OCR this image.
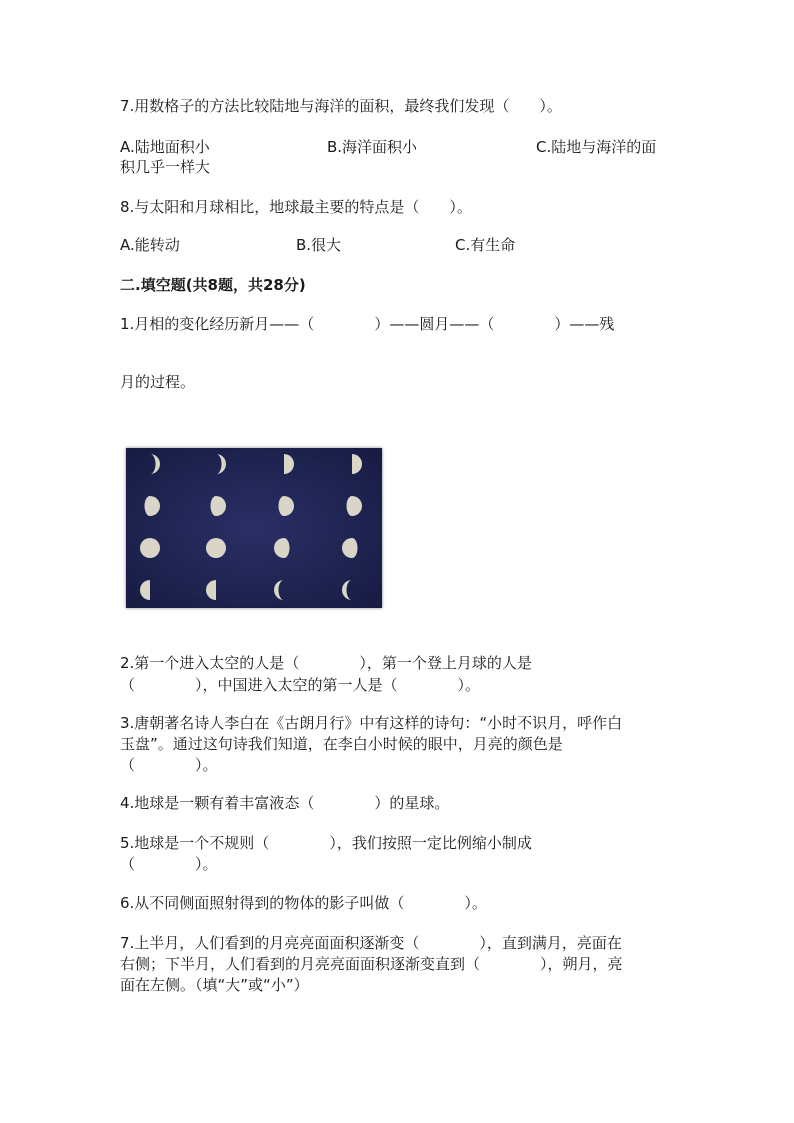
7.用数格子的方法比较陆地与海洋的面积，最终我们发现（　　）。
A.陆地面积小	B.海洋面积小	C.陆地与海洋的面
积几乎一样大
8.与太阳和月球相比，地球最主要的特点是（　　）。
A.能转动	B.很大	C.有生命
二.填空题(共8题，共28分)
1.月相的变化经历新月——（　　　　）——圆月——（　　　　）——残
月的过程。
2.第一个进入太空的人是（　　　　），第一个登上月球的人是
（　　　　），中国进入太空的第一人是（　　　　）。
3.唐朝著名诗人李白在《古朗月行》中有这样的诗句：“小时不识月，呼作白
玉盘”。通过这句诗我们知道，在李白小时候的眼中，月亮的颜色是
（　　　　）。
4.地球是一颗有着丰富液态（　　　　）的星球。
5.地球是一个不规则（　　　　），我们按照一定比例缩小制成
（　　　　）。
6.从不同侧面照射得到的物体的影子叫做（　　　　）。
7.上半月，人们看到的月亮亮面面积逐渐变（　　　　），直到满月，亮面在
右侧；下半月，人们看到的月亮亮面面积逐渐变直到（　　　　），朔月，亮
面在左侧。（填“大”或“小”）
